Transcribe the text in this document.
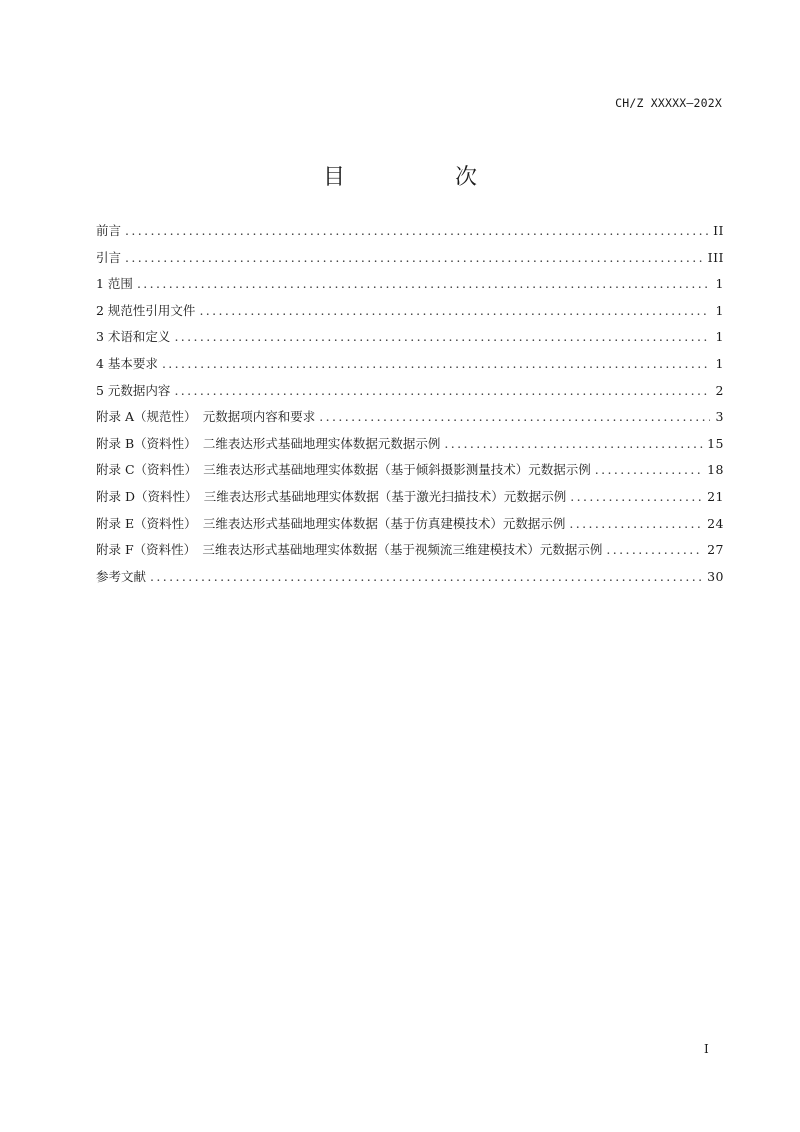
CH/Z XXXXX—202X
目　次
前言 .....	II
引言 .....	III
1 范围 .....	1
2 规范性引用文件 .....	1
3 术语和定义 .....	1
4 基本要求 .....	1
5 元数据内容 .....	2
附录 A（规范性）　元数据项内容和要求 .....	3
附录 B（资料性）　二维表达形式基础地理实体数据元数据示例 .....	15
附录 C（资料性）　三维表达形式基础地理实体数据（基于倾斜摄影测量技术）元数据示例 .....	18
附录 D（资料性）　三维表达形式基础地理实体数据（基于激光扫描技术）元数据示例 .....	21
附录 E（资料性）　三维表达形式基础地理实体数据（基于仿真建模技术）元数据示例 .....	24
附录 F（资料性）　三维表达形式基础地理实体数据（基于视频流三维建模技术）元数据示例 .....	27
参考文献 .....	30
I
